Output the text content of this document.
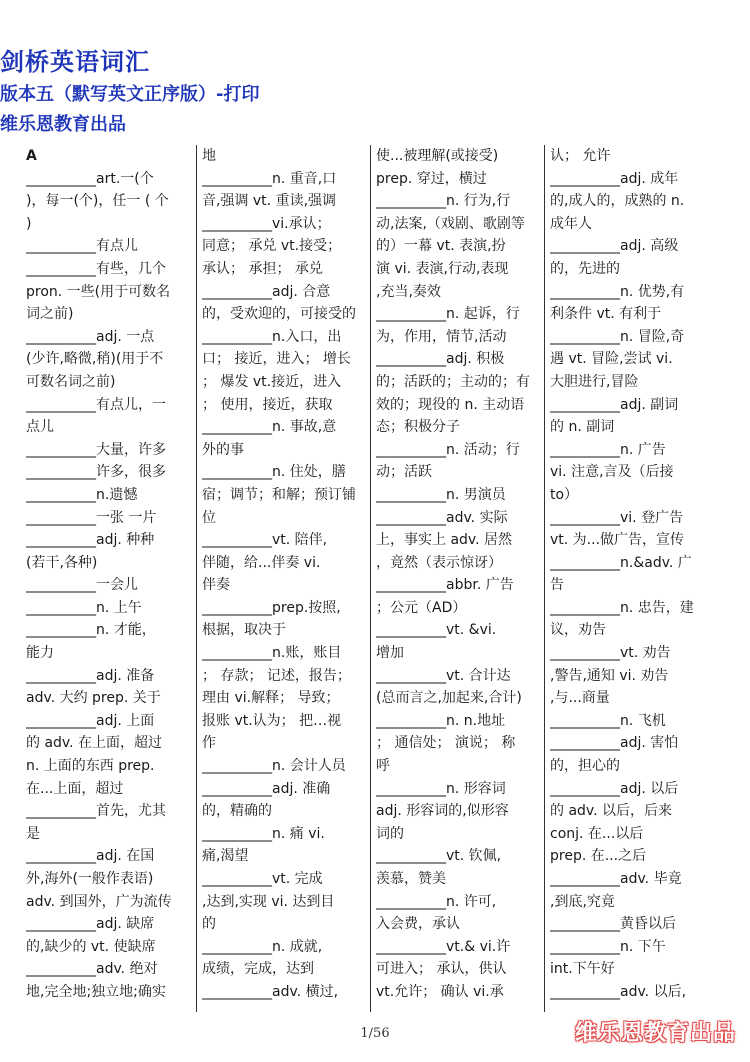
剑桥英语词汇
版本五（默写英文正序版）-打印
维乐恩教育出品
A
__________art.一(个
)，每一(个)，任一 ( 个
)
__________有点儿
__________有些，几个
pron. 一些(用于可数名
词之前)
__________adj. 一点
(少许,略微,稍)(用于不
可数名词之前)
__________有点儿，一
点儿
__________大量，许多
__________许多，很多
__________n.遗憾
__________一张 一片
__________adj. 种种
(若干,各种)
__________一会儿
__________n. 上午
__________n. 才能，
能力
__________adj. 准备
adv. 大约 prep. 关于
__________adj. 上面
的 adv. 在上面，超过
n. 上面的东西 prep.
在...上面，超过
__________首先，尤其
是
__________adj. 在国
外,海外(一般作表语)
adv. 到国外，广为流传
__________adj. 缺席
的,缺少的 vt. 使缺席
__________adv. 绝对
地,完全地;独立地;确实
地
__________n. 重音,口
音,强调 vt. 重读,强调
__________vi.承认；
同意； 承兑 vt.接受；
承认； 承担； 承兑
__________adj. 合意
的，受欢迎的，可接受的
__________n.入口，出
口； 接近，进入； 增长
； 爆发 vt.接近，进入
； 使用，接近，获取
__________n. 事故,意
外的事
__________n. 住处，膳
宿；调节；和解；预订铺
位
__________vt. 陪伴,
伴随，给...伴奏 vi.
伴奏
__________prep.按照,
根据，取决于
__________n.账，账目
； 存款； 记述，报告；
理由 vi.解释； 导致；
报账 vt.认为； 把…视
作
__________n. 会计人员
__________adj. 准确
的，精确的
__________n. 痛 vi.
痛,渴望
__________vt. 完成
,达到,实现 vi. 达到目
的
__________n. 成就,
成绩，完成，达到
__________adv. 横过,
使...被理解(或接受)
prep. 穿过，横过
__________n. 行为,行
动,法案,（戏剧、歌剧等
的）一幕 vt. 表演,扮
演 vi. 表演,行动,表现
,充当,奏效
__________n. 起诉，行
为，作用，情节,活动
__________adj. 积极
的；活跃的；主动的；有
效的；现役的 n. 主动语
态；积极分子
__________n. 活动；行
动；活跃
__________n. 男演员
__________adv. 实际
上，事实上 adv. 居然
，竟然（表示惊讶）
__________abbr. 广告
；公元（AD）
__________vt. &vi.
增加
__________vt. 合计达
(总而言之,加起来,合计)
__________n. n.地址
； 通信处； 演说； 称
呼
__________n. 形容词
adj. 形容词的,似形容
词的
__________vt. 钦佩,
羡慕，赞美
__________n. 许可,
入会费，承认
__________vt.& vi.许
可进入； 承认，供认
vt.允许； 确认 vi.承
认； 允许
__________adj. 成年
的,成人的，成熟的 n.
成年人
__________adj. 高级
的，先进的
__________n. 优势,有
利条件 vt. 有利于
__________n. 冒险,奇
遇 vt. 冒险,尝试 vi.
大胆进行,冒险
__________adj. 副词
的 n. 副词
__________n. 广告
vi. 注意,言及（后接
to）
__________vi. 登广告
vt. 为...做广告，宣传
__________n.&adv. 广
告
__________n. 忠告，建
议，劝告
__________vt. 劝告
,警告,通知 vi. 劝告
,与...商量
__________n. 飞机
__________adj. 害怕
的，担心的
__________adj. 以后
的 adv. 以后，后来
conj. 在...以后
prep. 在...之后
__________adv. 毕竟
,到底,究竟
__________黄昏以后
__________n. 下午
int.下午好
__________adv. 以后,
1/56	维乐恩教育出品
